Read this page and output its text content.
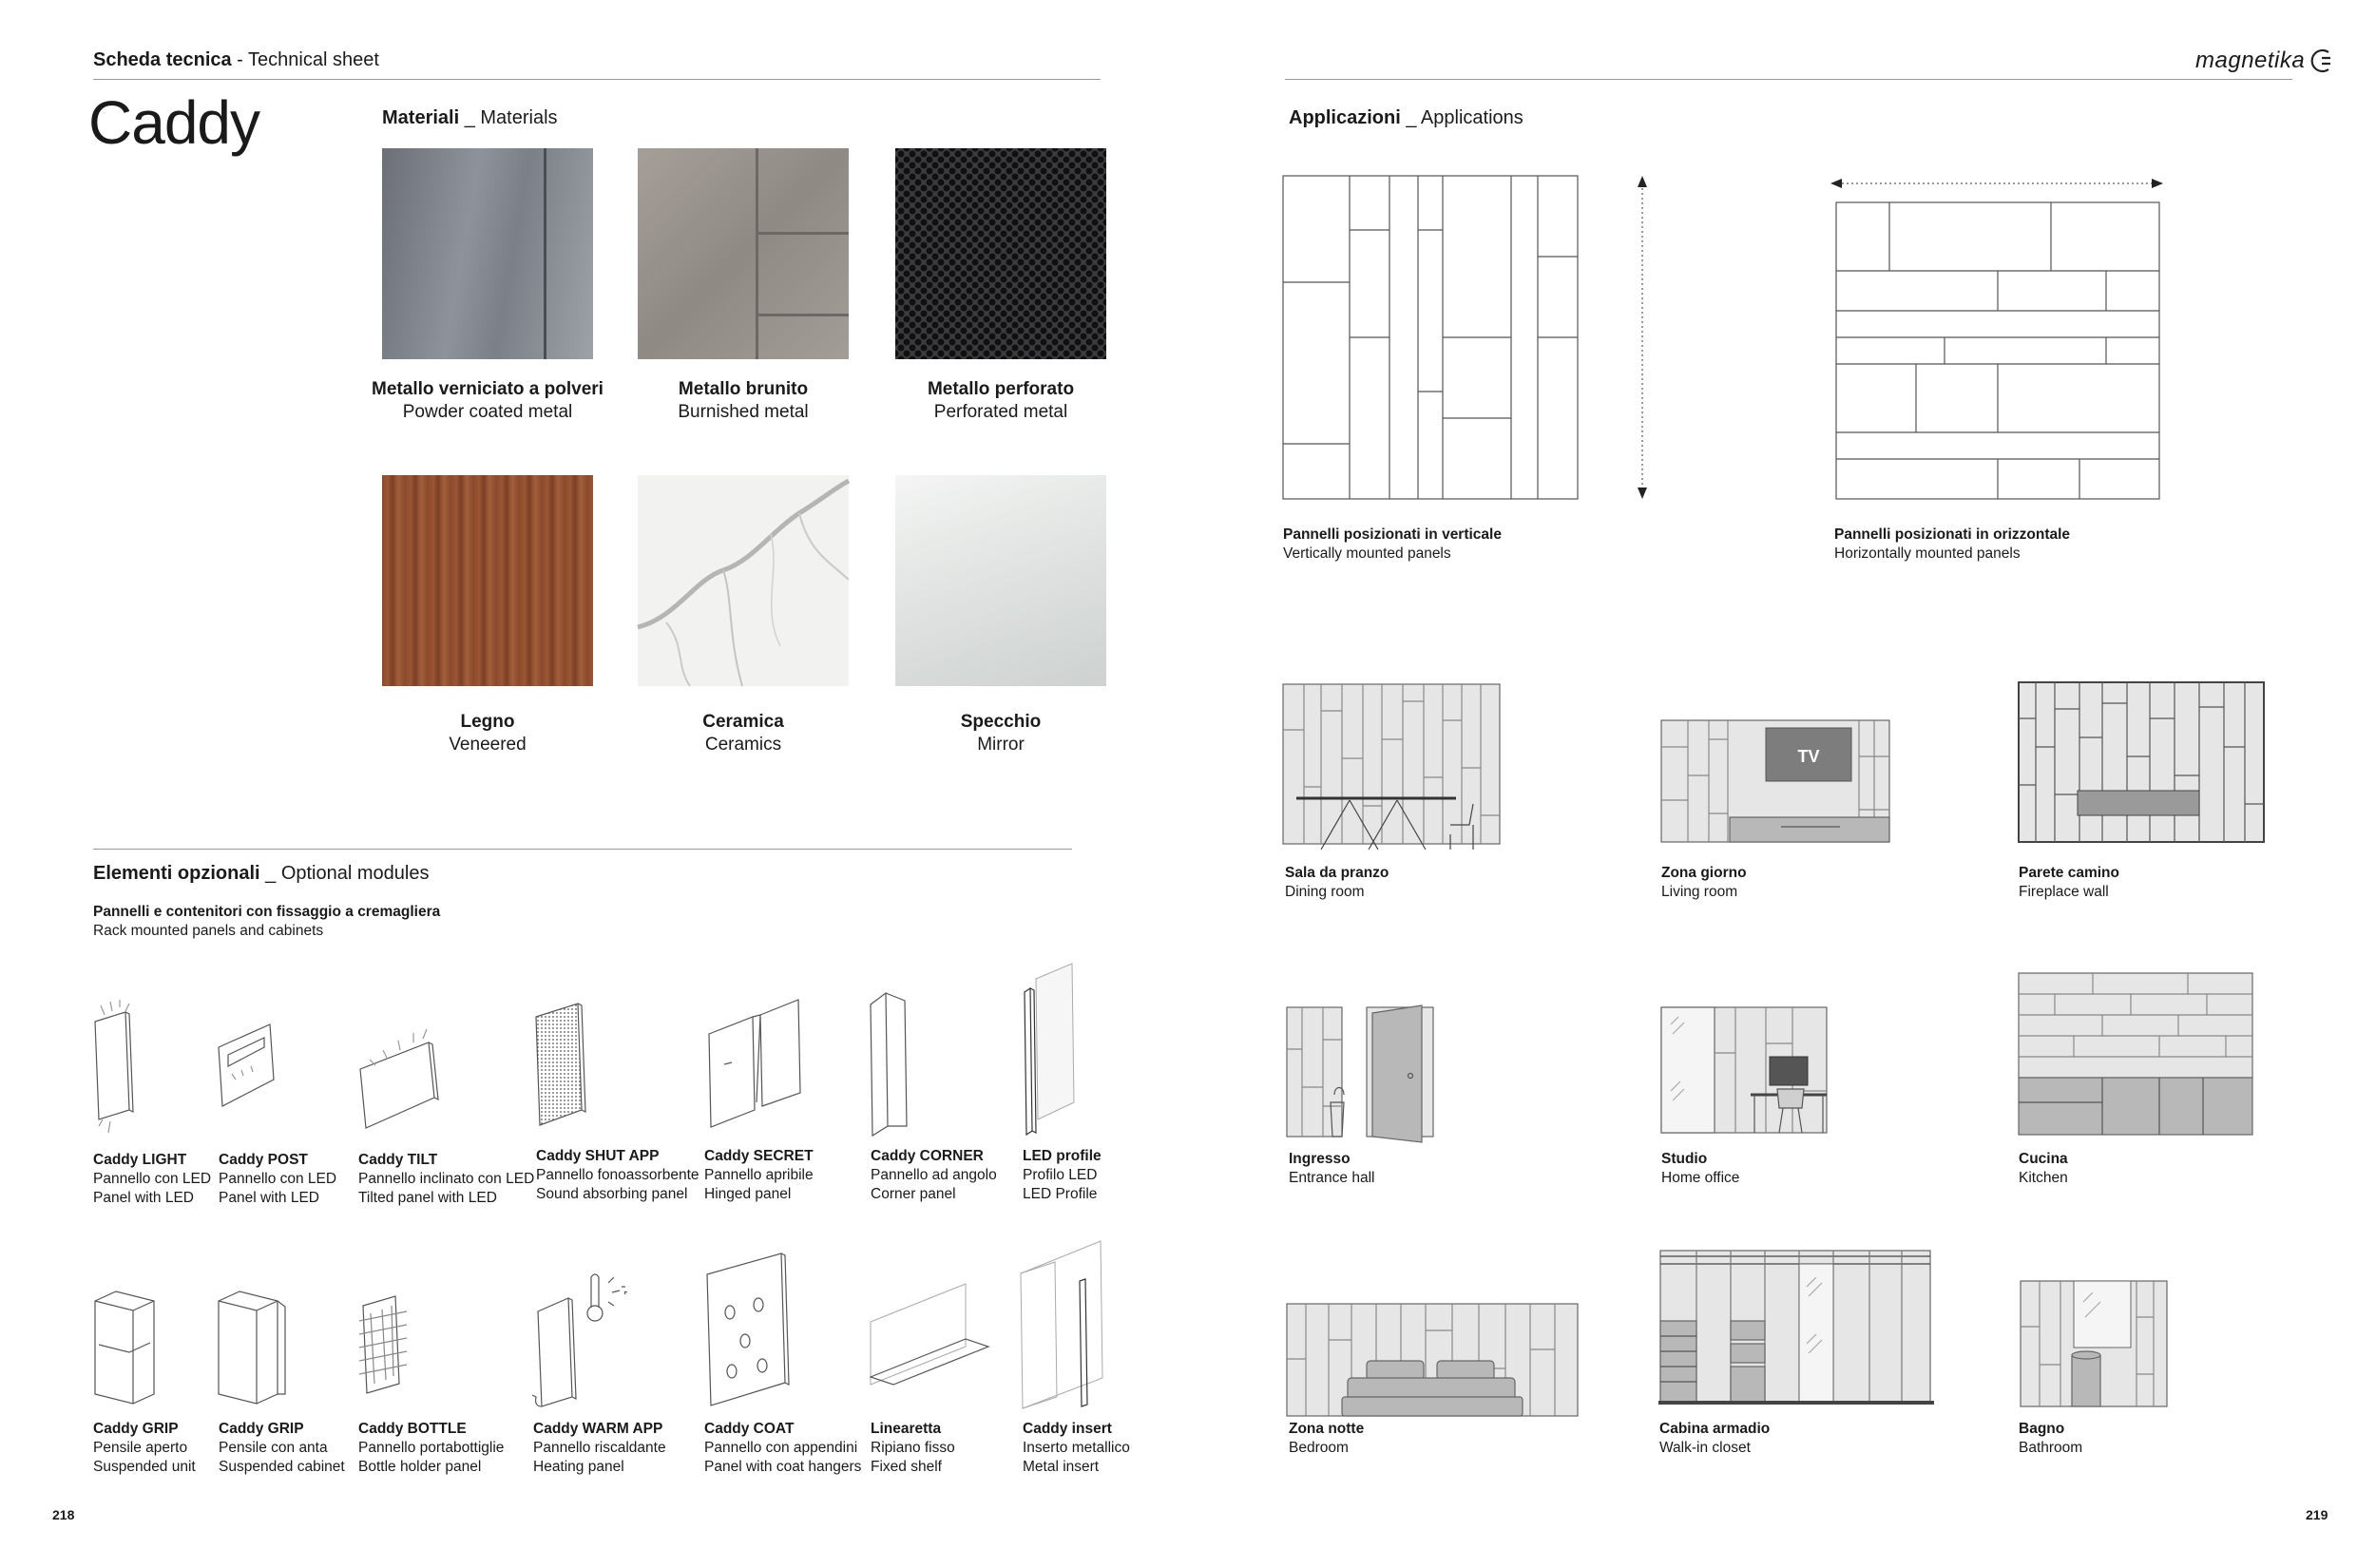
Scheda tecnica - Technical sheet
Caddy
magnetika
Materiali _ Materials
Metallo verniciato a polveri
Powder coated metal
Metallo brunito
Burnished metal
Metallo perforato
Perforated metal
Legno
Veneered
Ceramica
Ceramics
Specchio
Mirror
Elementi opzionali _ Optional modules
Pannelli e contenitori con fissaggio a cremagliera
Rack mounted panels and cabinets
Caddy LIGHT
Pannello con LED
Panel with LED
Caddy POST
Pannello con LED
Panel with LED
Caddy TILT
Pannello inclinato con LED
Tilted panel with LED
Caddy SHUT APP
Pannello fonoassorbente
Sound absorbing panel
Caddy SECRET
Pannello apribile
Hinged panel
Caddy CORNER
Pannello ad angolo
Corner panel
LED profile
Profilo LED
LED Profile
Caddy GRIP
Pensile aperto
Suspended unit
Caddy GRIP
Pensile con anta
Suspended cabinet
Caddy BOTTLE
Pannello portabottiglie
Bottle holder panel
Caddy WARM APP
Pannello riscaldante
Heating panel
Caddy COAT
Pannello con appendini
Panel with coat hangers
Linearetta
Ripiano fisso
Fixed shelf
Caddy insert
Inserto metallico
Metal insert
Applicazioni _ Applications
Pannelli posizionati in verticale
Vertically mounted panels
Pannelli posizionati in orizzontale
Horizontally mounted panels
Sala da pranzo
Dining room
TV
Zona giorno
Living room
Parete camino
Fireplace wall
Ingresso
Entrance hall
Studio
Home office
Cucina
Kitchen
Zona notte
Bedroom
Cabina armadio
Walk-in closet
Bagno
Bathroom
218	219
